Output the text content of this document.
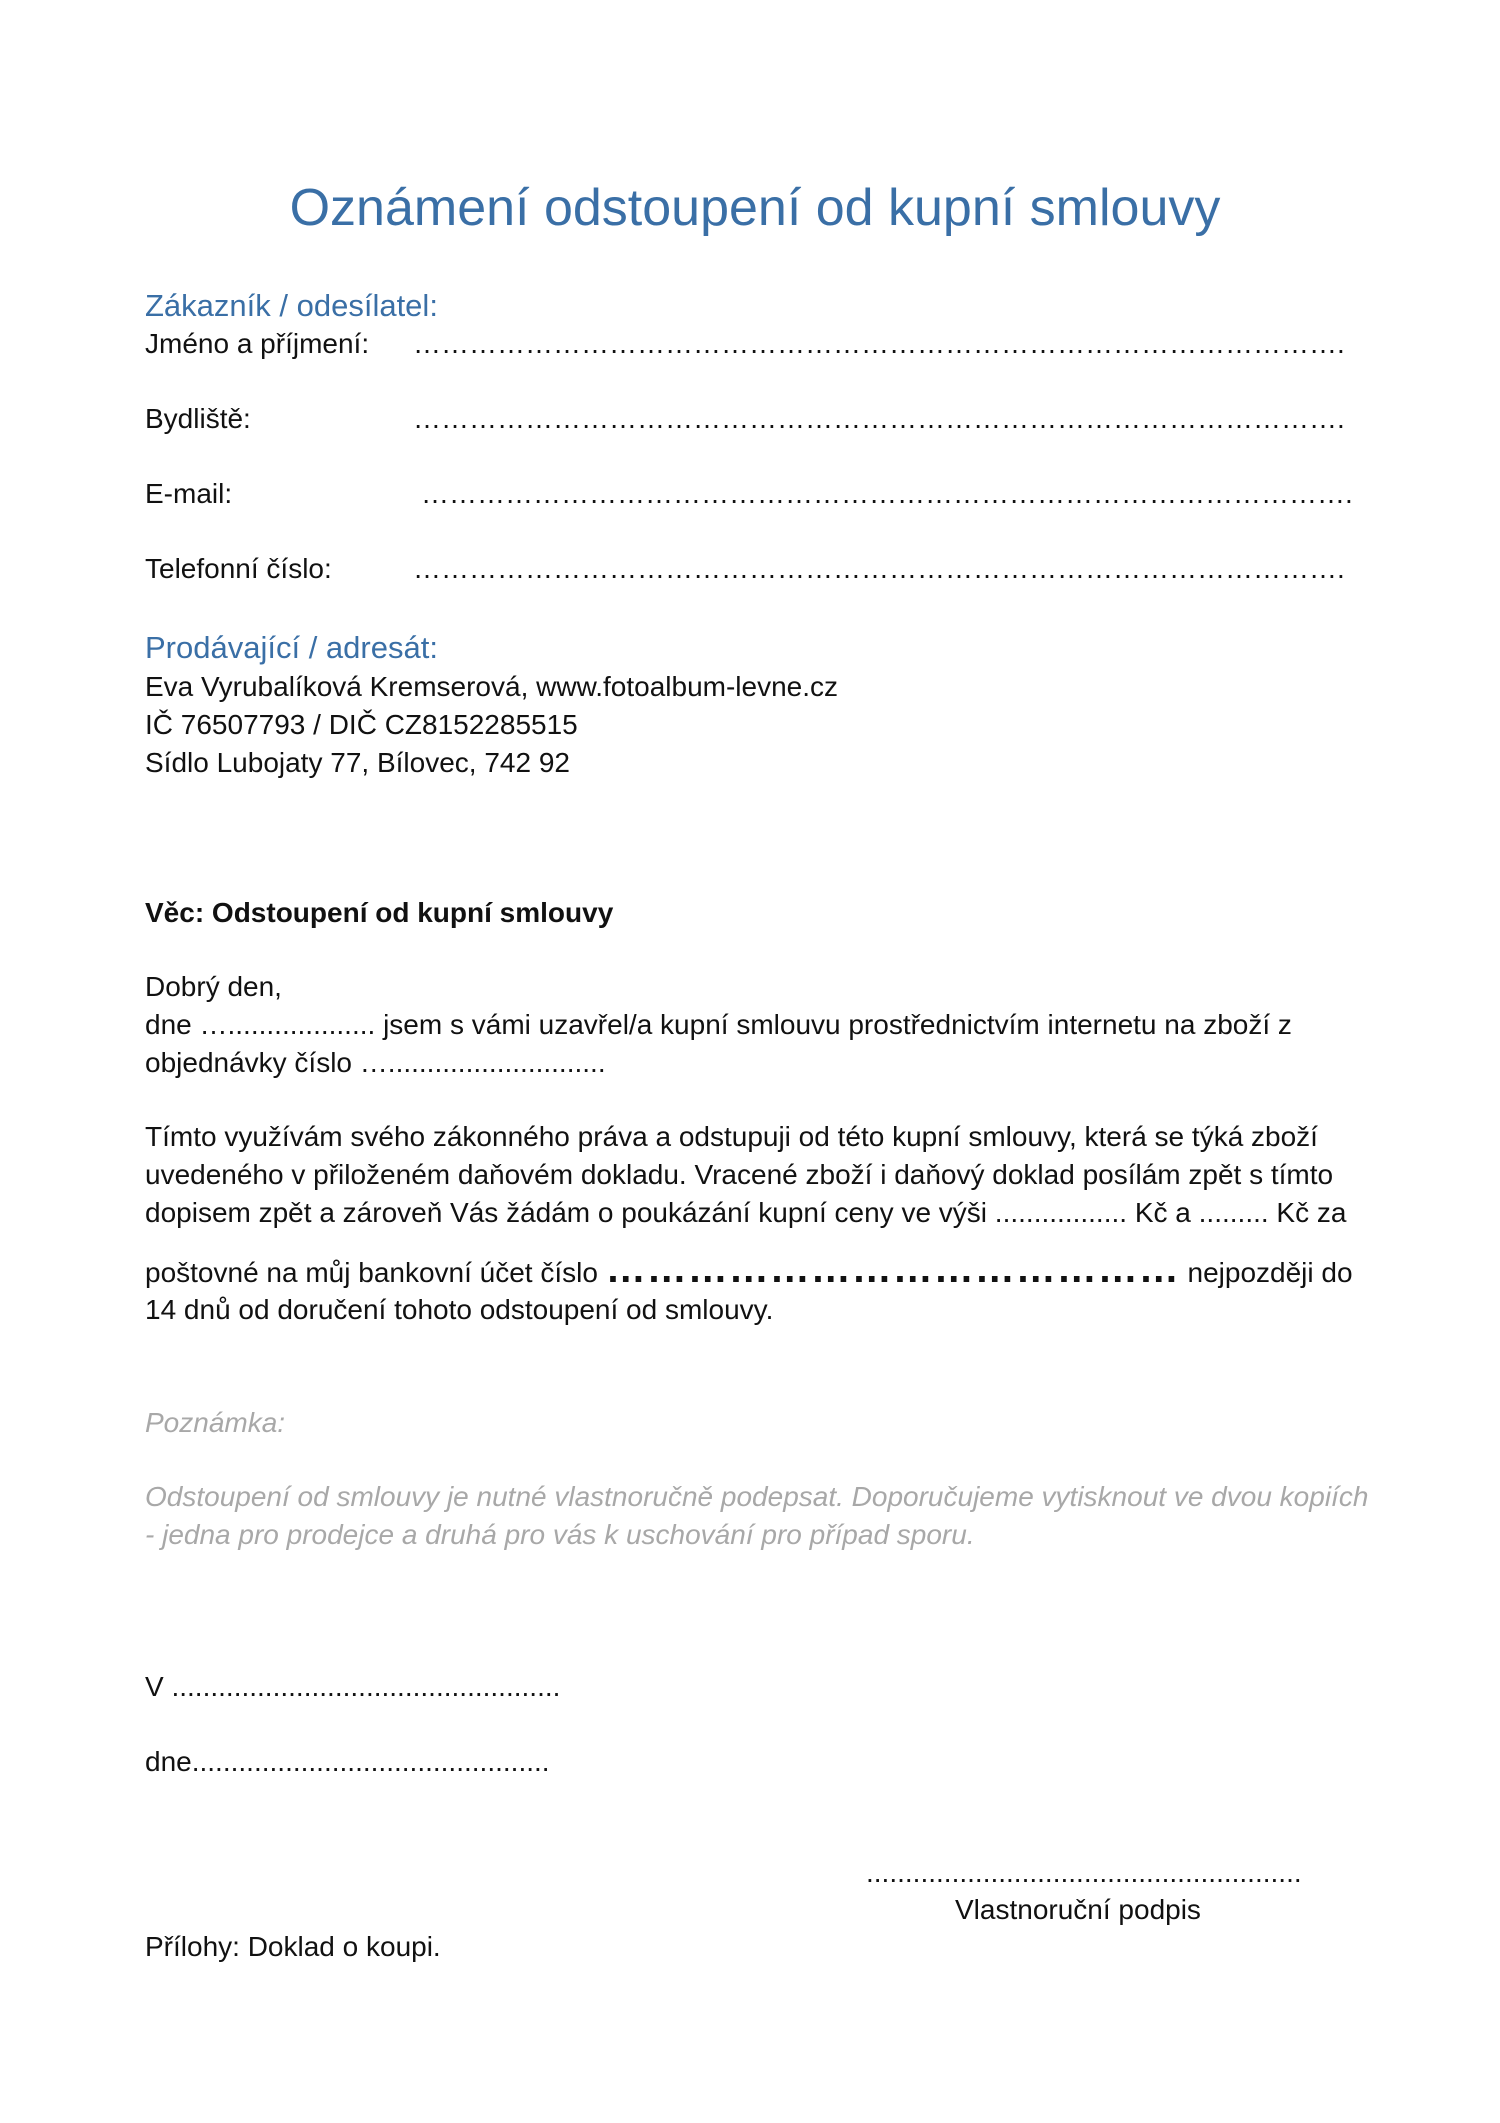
Oznámení odstoupení od kupní smlouvy
Zákazník / odesílatel:
Jméno a příjmení: ……………………………………………………………………………………….
Bydliště:	……………………………………………………………………………………….
E-mail:	……………………………………………………………………………………….
Telefonní číslo:	……………………………………………………………………………………….
Prodávající / adresát:
Eva Vyrubalíková Kremserová, www.fotoalbum-levne.cz
IČ 76507793 / DIČ CZ8152285515
Sídlo Lubojaty 77, Bílovec, 742 92
Věc: Odstoupení od kupní smlouvy
Dobrý den,
dne …................... jsem s vámi uzavřel/a kupní smlouvu prostřednictvím internetu na zboží z
objednávky číslo …............................
Tímto využívám svého zákonného práva a odstupuji od této kupní smlouvy, která se týká zboží
uvedeného v přiloženém daňovém dokladu. Vracené zboží i daňový doklad posílám zpět s tímto
dopisem zpět a zároveň Vás žádám o poukázání kupní ceny ve výši ................. Kč a ......... Kč za
poštovné na můj bankovní účet číslo …………………………………… nejpozději do
14 dnů od doručení tohoto odstoupení od smlouvy.
Poznámka:
Odstoupení od smlouvy je nutné vlastnoručně podepsat. Doporučujeme vytisknout ve dvou kopiích
- jedna pro prodejce a druhá pro vás k uschování pro případ sporu.
V ..................................................
dne..............................................
........................................................
Vlastnoruční podpis
Přílohy: Doklad o koupi.
